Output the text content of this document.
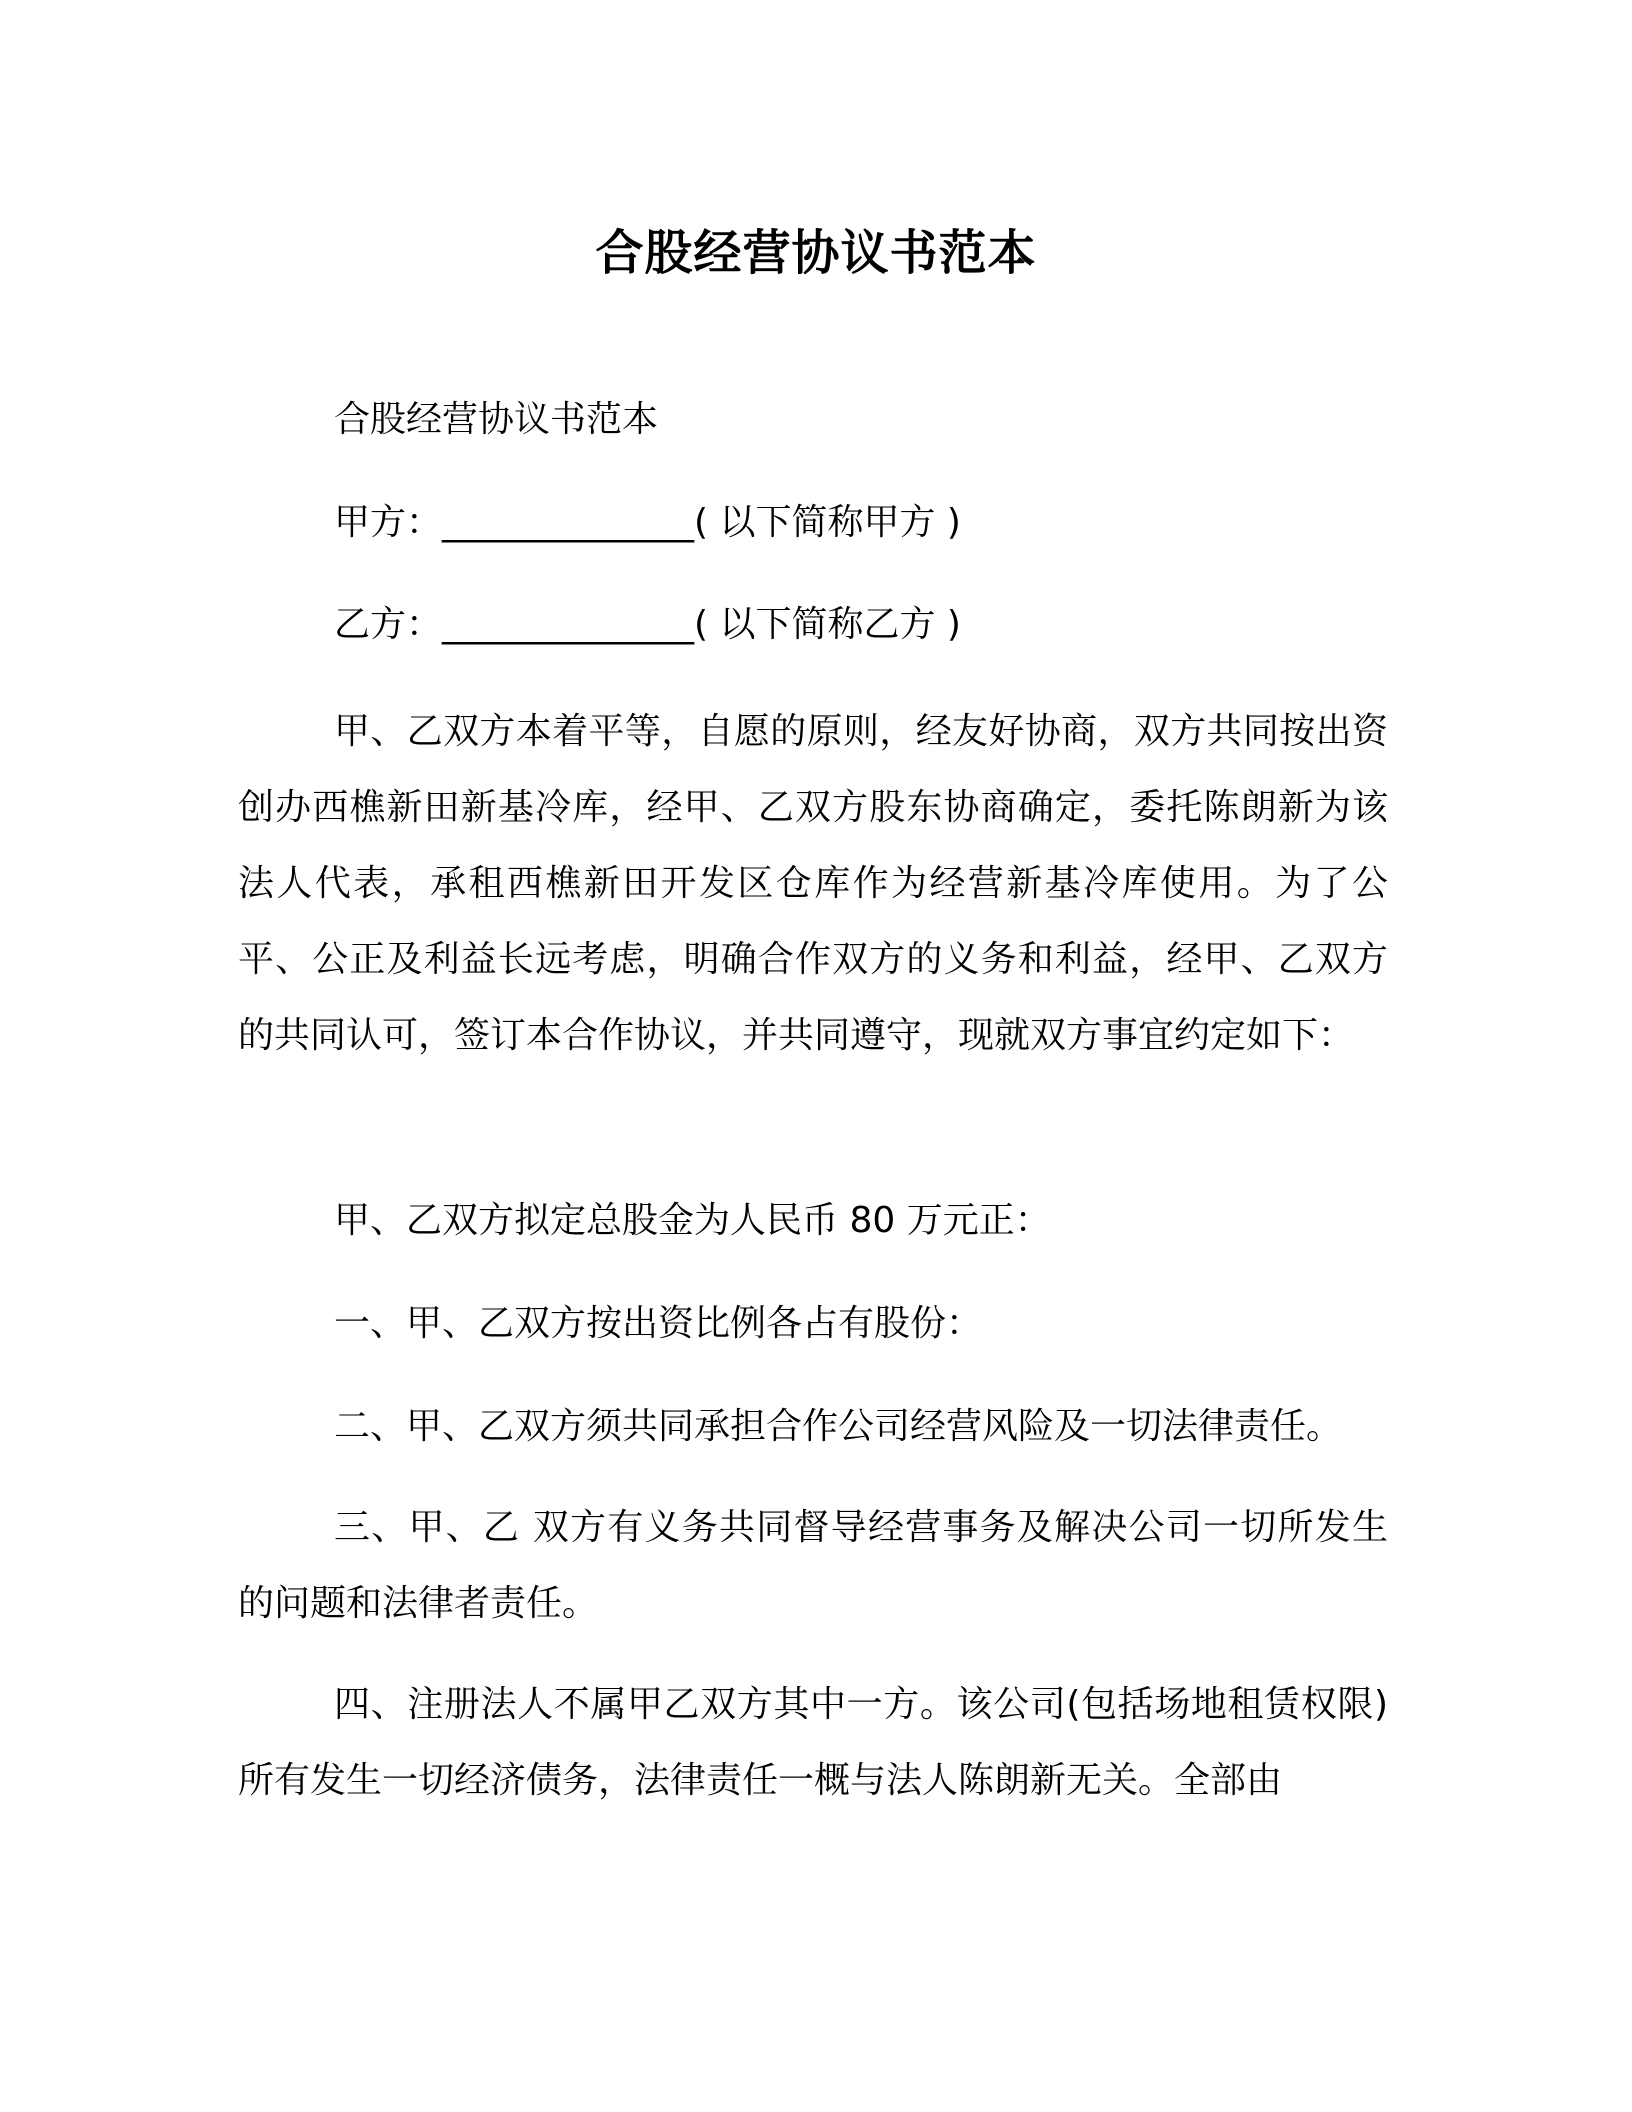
合股经营协议书范本
合股经营协议书范本
甲方：______________( 以下简称甲方 )
乙方：______________( 以下简称乙方 )

甲、乙双方本着平等，自愿的原则，经友好协商，双方共同按出资创办西樵新田新基冷库，经甲、乙双方股东协商确定，委托陈朗新为该法人代表，承租西樵新田开发区仓库作为经营新基冷库使用。为了公平、公正及利益长远考虑，明确合作双方的义务和利益，经甲、乙双方的共同认可，签订本合作协议，并共同遵守，现就双方事宜约定如下：

甲、乙双方拟定总股金为人民币 80 万元正：

一、甲、乙双方按出资比例各占有股份：

二、甲、乙双方须共同承担合作公司经营风险及一切法律责任。

三、甲、乙 双方有义务共同督导经营事务及解决公司一切所发生的问题和法律者责任。

四、注册法人不属甲乙双方其中一方。该公司(包括场地租赁权限)所有发生一切经济债务，法律责任一概与法人陈朗新无关。全部由
